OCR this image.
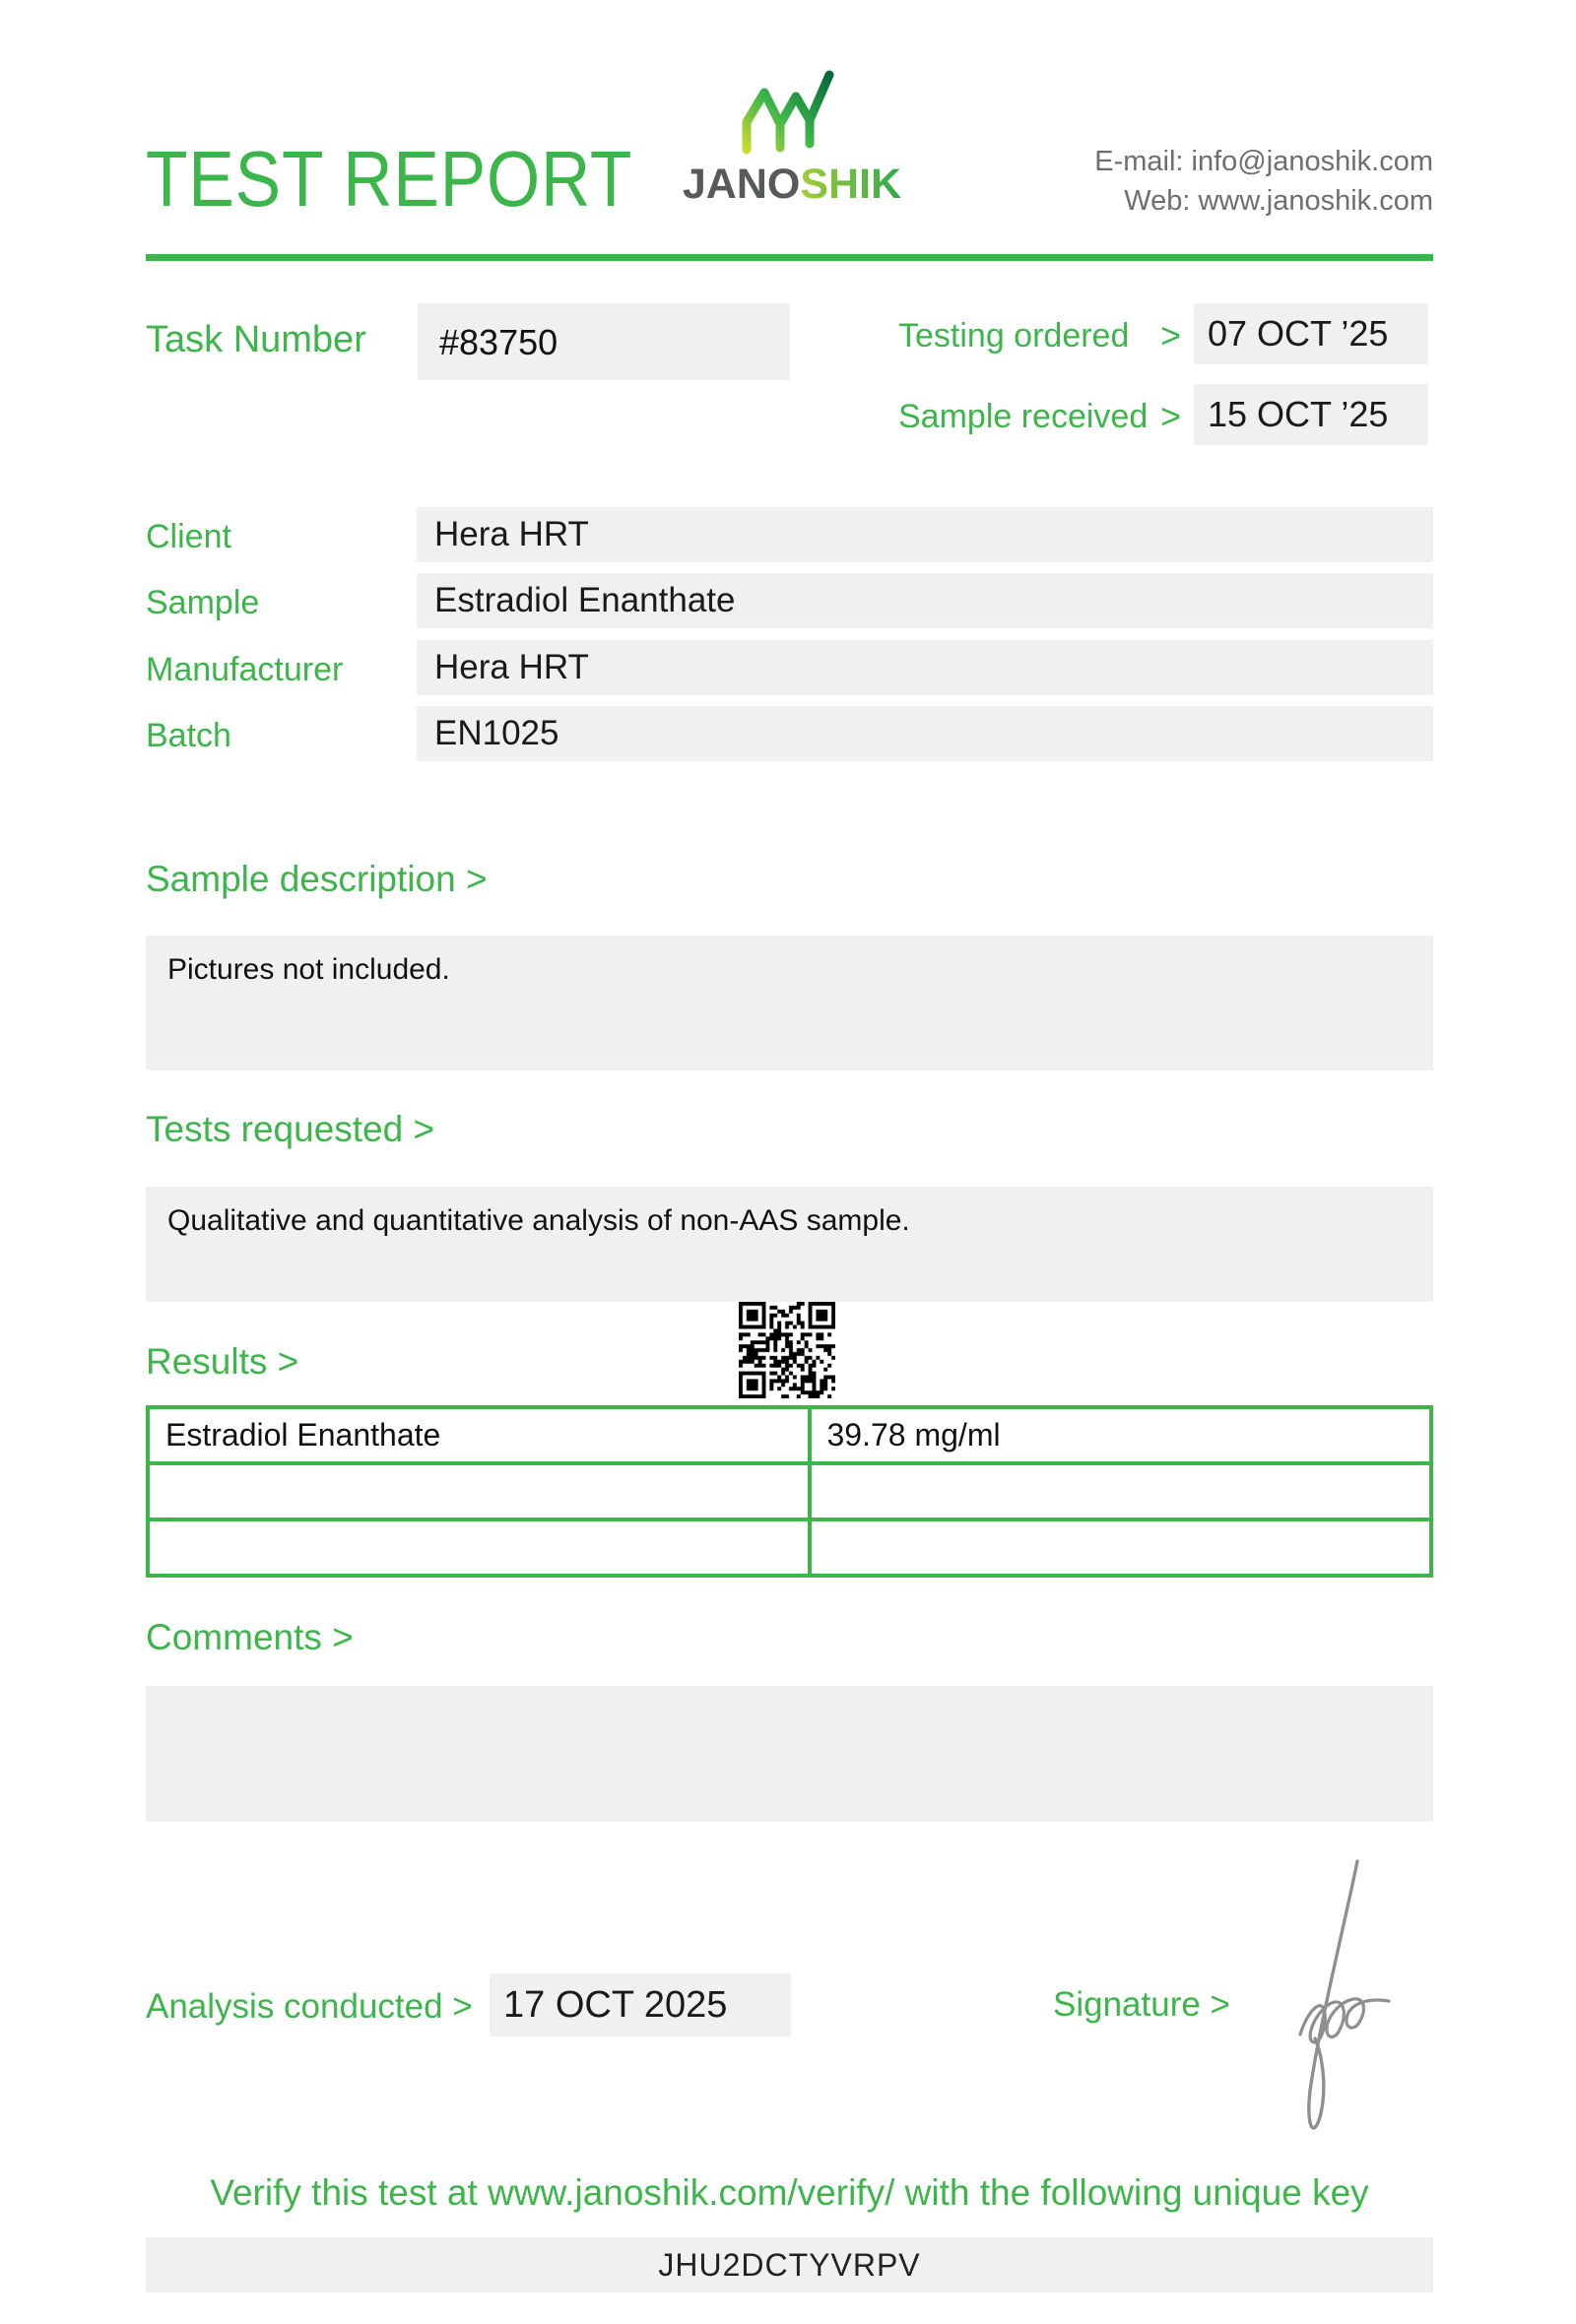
TEST REPORT JANOSHIK	E-mail: info@janoshik.com
Web: www.janoshik.com
Task Number	#83750	Testing ordered > 07 OCT ’25
Sample received > 15 OCT ’25
Client	Hera HRT
Sample	Estradiol Enanthate
Manufacturer	Hera HRT
Batch	EN1025
Sample description >
Pictures not included.
Tests requested >
Qualitative and quantitative analysis of non-AAS sample.
Results >
Estradiol Enanthate	39.78 mg/ml

Comments >
Analysis conducted > 17 OCT 2025	Signature >
Verify this test at www.janoshik.com/verify/ with the following unique key
JHU2DCTYVRPV
